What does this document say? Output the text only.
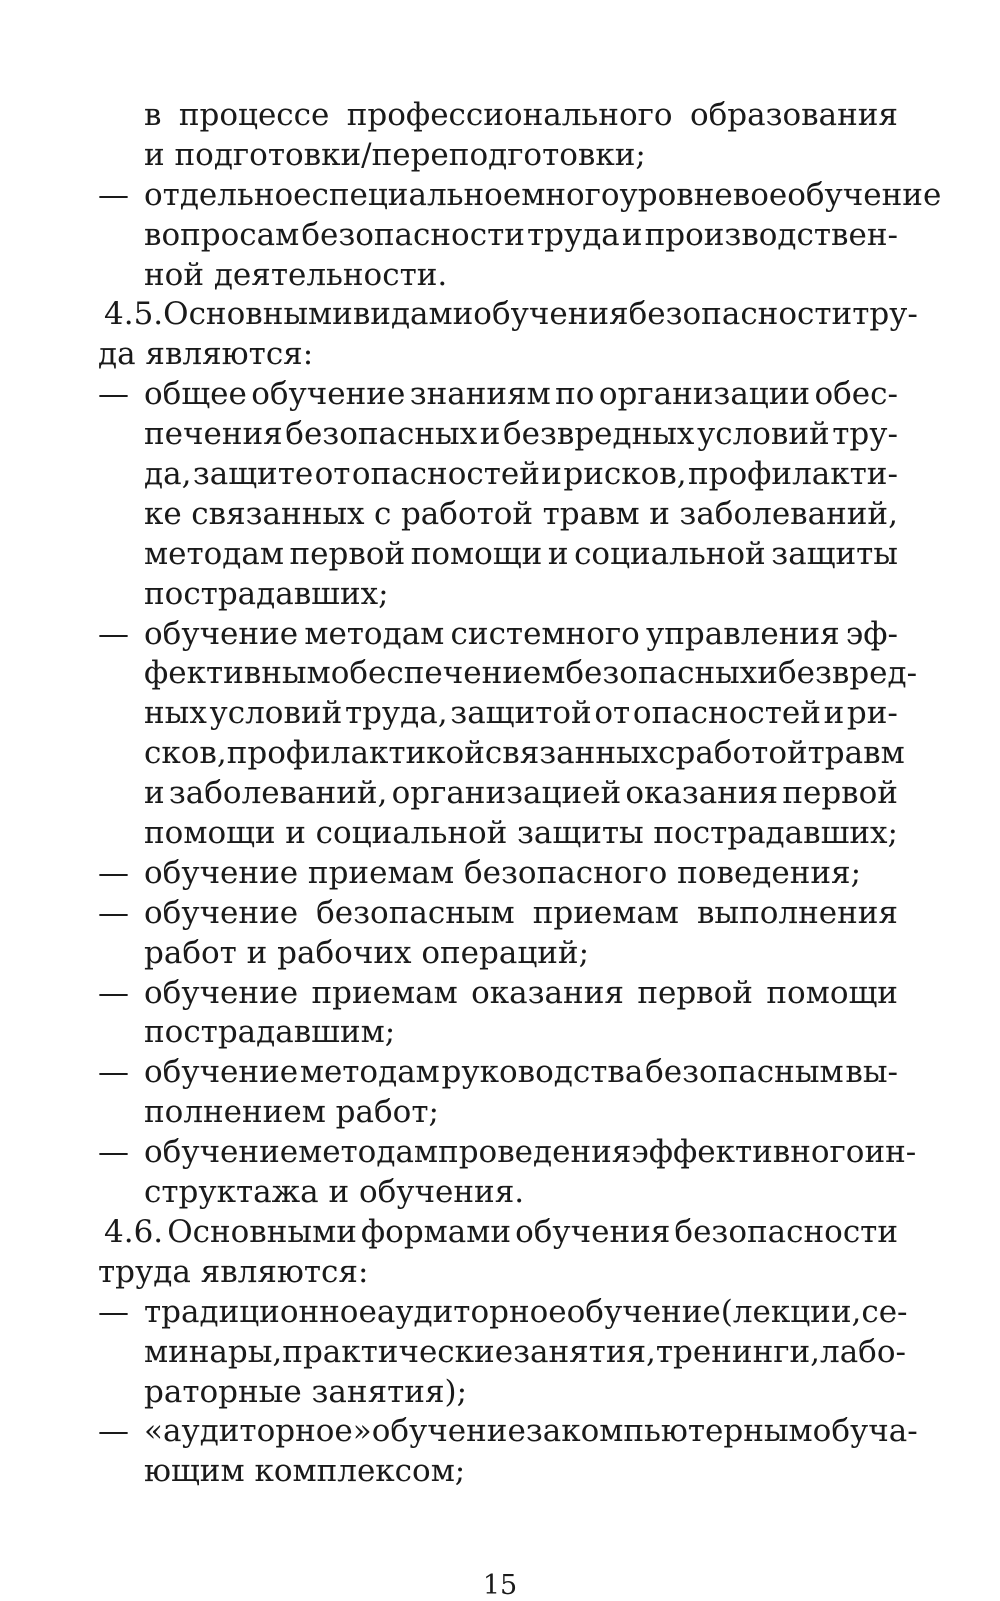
в процессе профессионального образования
и подготовки/переподготовки;
— отдельное специальное многоуровневое обучение
вопросам безопасности труда и производствен-
ной деятельности.
4.5. Основными видами обучения безопасности тру-
да являются:
— общее обучение знаниям по организации обес-
печения безопасных и безвредных условий тру-
да, защите от опасностей и рисков, профилакти-
ке связанных с работой травм и заболеваний,
методам первой помощи и социальной защиты
пострадавших;
— обучение методам системного управления эф-
фективным обеспечением безопасных и безвред-
ных условий труда, защитой от опасностей и ри-
сков, профилактикой связанных с работой травм
и заболеваний, организацией оказания первой
помощи и социальной защиты пострадавших;
— обучение приемам безопасного поведения;
— обучение безопасным приемам выполнения
работ и рабочих операций;
— обучение приемам оказания первой помощи
пострадавшим;
— обучение методам руководства безопасным вы-
полнением работ;
— обучение методам проведения эффективного ин-
структажа и обучения.
4.6. Основными формами обучения безопасности
труда являются:
— традиционное аудиторное обучение (лекции, се-
минары, практические занятия, тренинги, лабо-
раторные занятия);
— «аудиторное» обучение за компьютерным обуча-
ющим комплексом;
15
